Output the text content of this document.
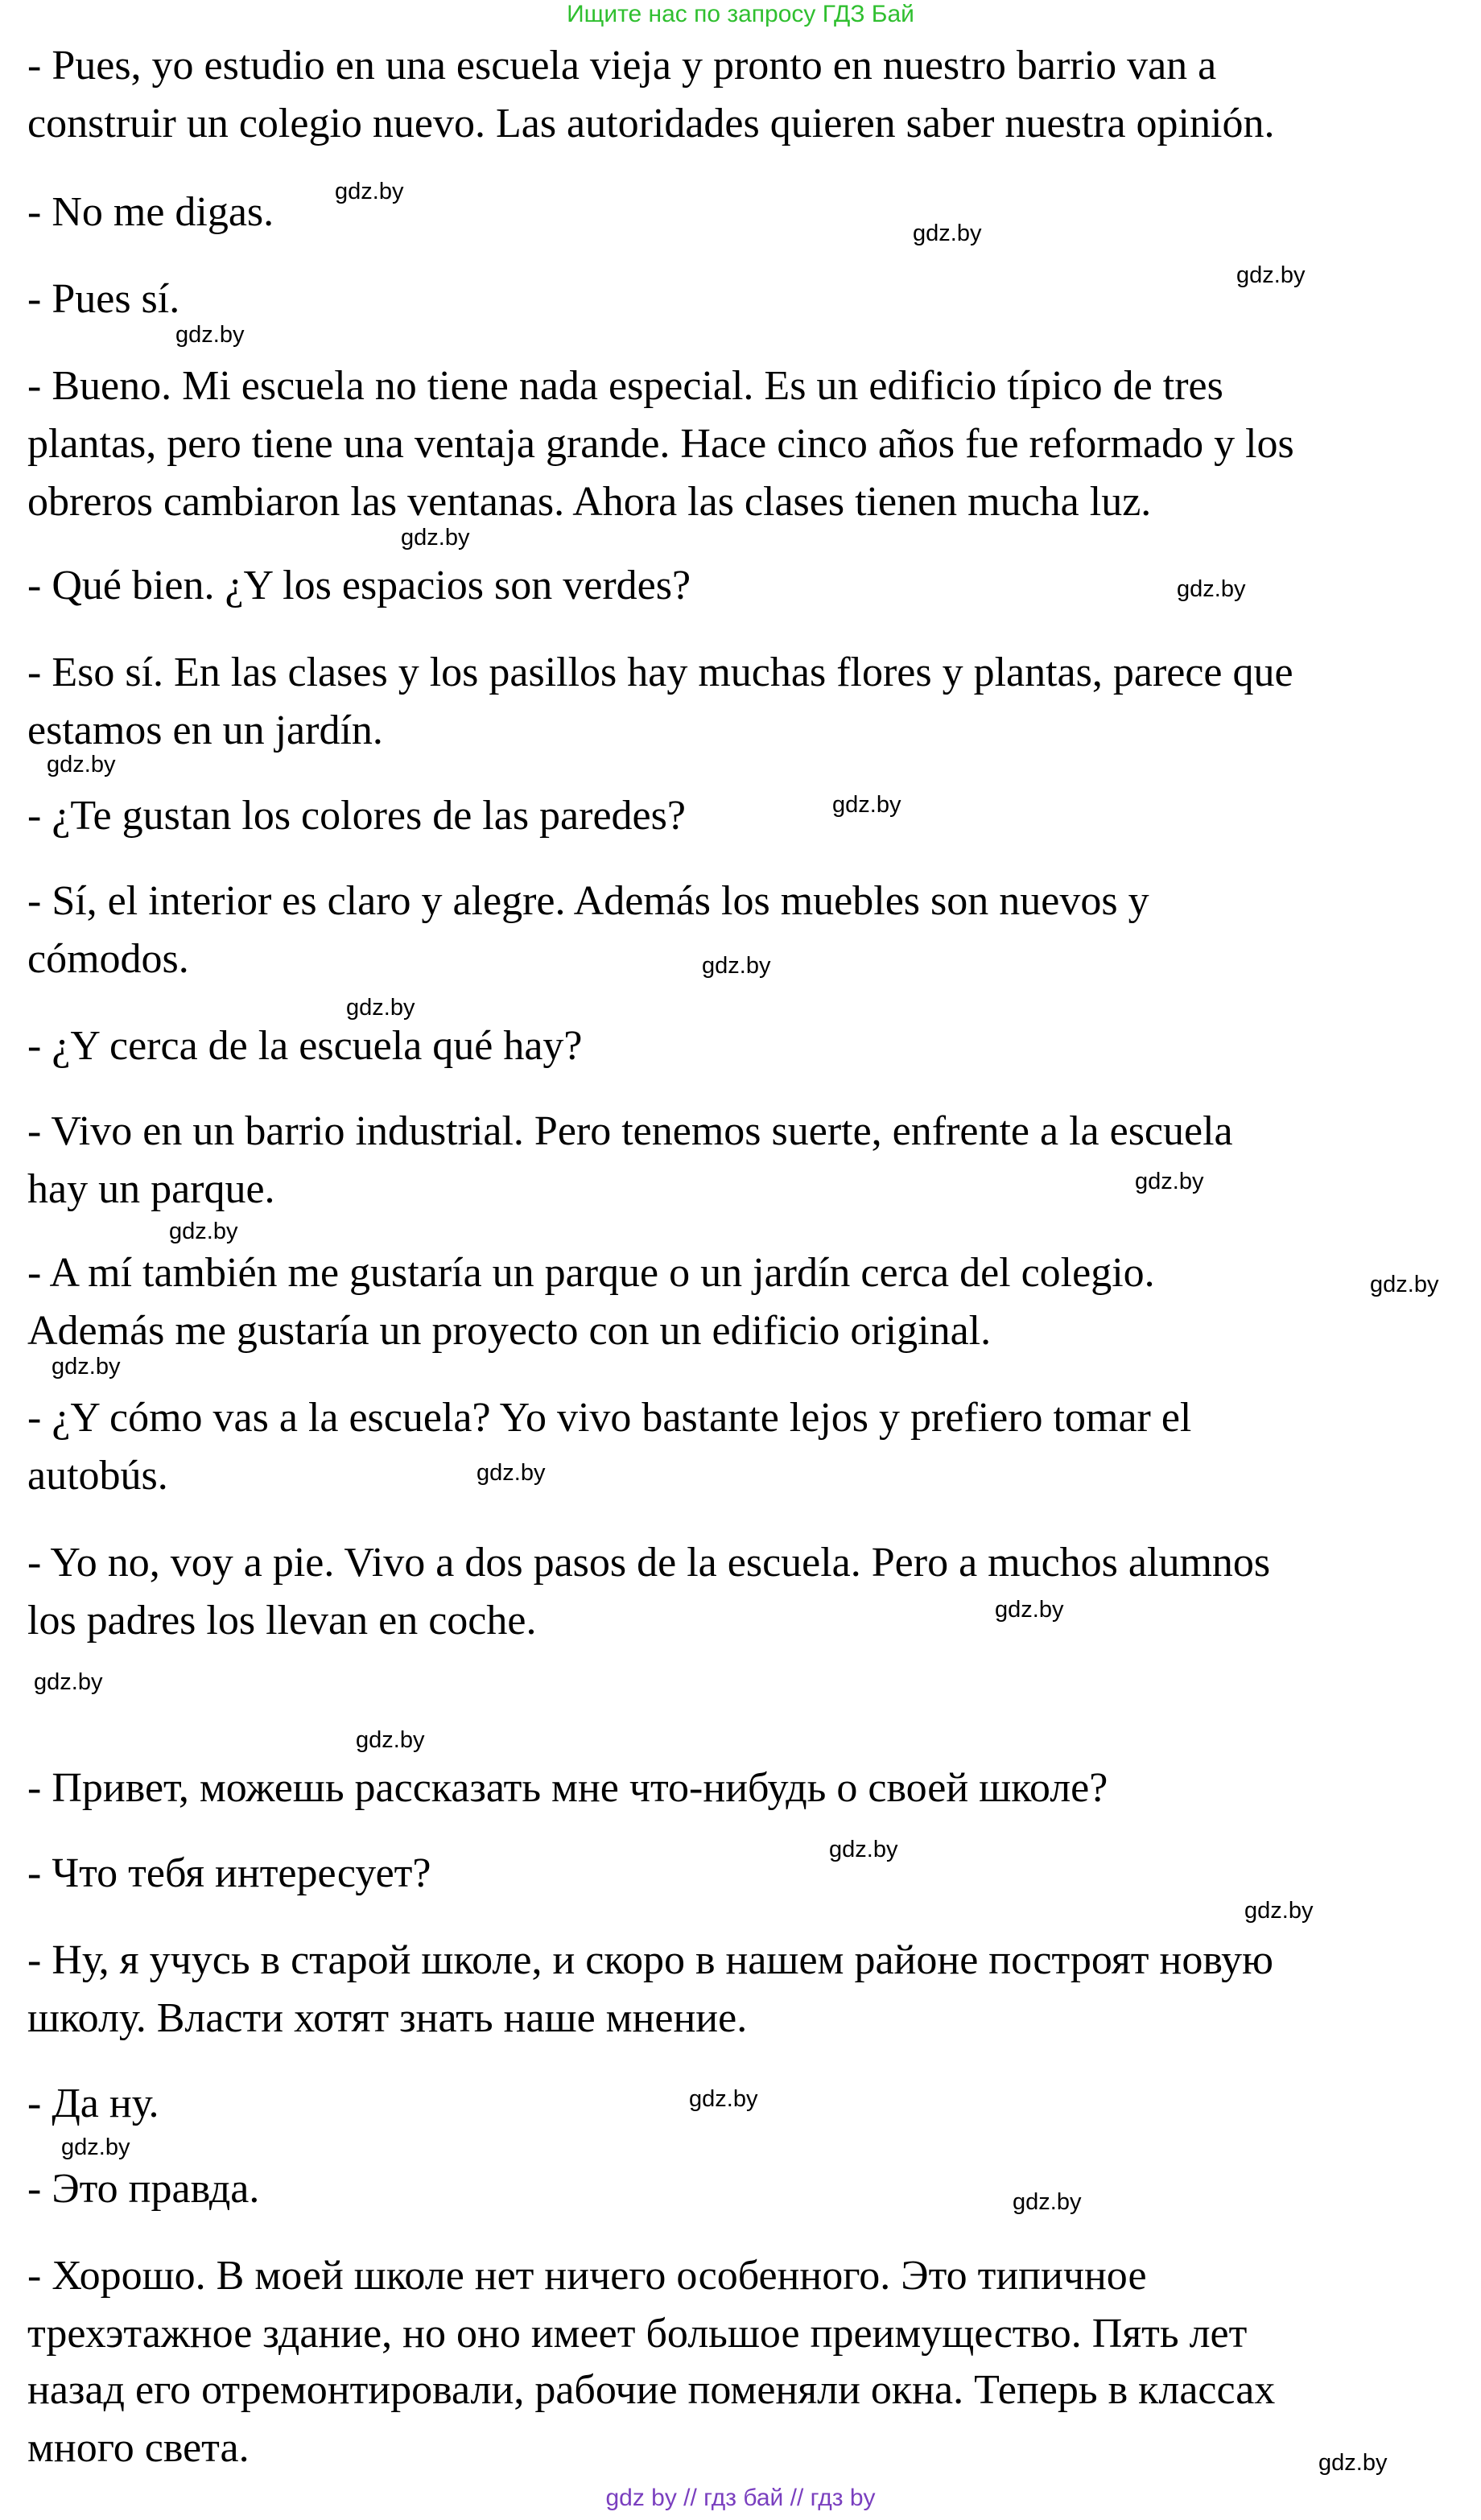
Ищите нас по запросу ГДЗ Бай

- Pues, yo estudio en una escuela vieja y pronto en nuestro barrio van a

construir un colegio nuevo. Las autoridades quieren saber nuestra opinión.

- No me digas.

- Pues sí.

- Bueno. Mi escuela no tiene nada especial. Es un edificio típico de tres

plantas, pero tiene una ventaja grande. Hace cinco años fue reformado y los

obreros cambiaron las ventanas. Ahora las clases tienen mucha luz.

- Qué bien. ¿Y los espacios son verdes?

- Eso sí. En las clases y los pasillos hay muchas flores y plantas, parece que

estamos en un jardín.

- ¿Te gustan los colores de las paredes?

- Sí, el interior es claro y alegre. Además los muebles son nuevos y

cómodos.

- ¿Y cerca de la escuela qué hay?

- Vivo en un barrio industrial. Pero tenemos suerte, enfrente a la escuela

hay un parque.

- A mí también me gustaría un parque o un jardín cerca del colegio.

Además me gustaría un proyecto con un edificio original.

- ¿Y cómo vas a la escuela? Yo vivo bastante lejos y prefiero tomar el

autobús.

- Yo no, voy a pie. Vivo a dos pasos de la escuela. Pero a muchos alumnos

los padres los llevan en coche.

- Привет, можешь рассказать мне что-нибудь о своей школе?

- Что тебя интересует?

- Ну, я учусь в старой школе, и скоро в нашем районе построят новую

школу. Власти хотят знать наше мнение.

- Да ну.

- Это правда.

- Хорошо. В моей школе нет ничего особенного. Это типичное

трехэтажное здание, но оно имеет большое преимущество. Пять лет

назад его отремонтировали, рабочие поменяли окна. Теперь в классах

много света.

gdz.by
gdz.by
gdz.by
gdz.by
gdz.by
gdz.by
gdz.by
gdz.by
gdz.by
gdz.by
gdz.by
gdz.by
gdz.by
gdz.by
gdz.by
gdz.by
gdz.by
gdz.by
gdz.by
gdz.by
gdz.by
gdz.by
gdz.by
gdz.by
gdz by // гдз бай // гдз by
